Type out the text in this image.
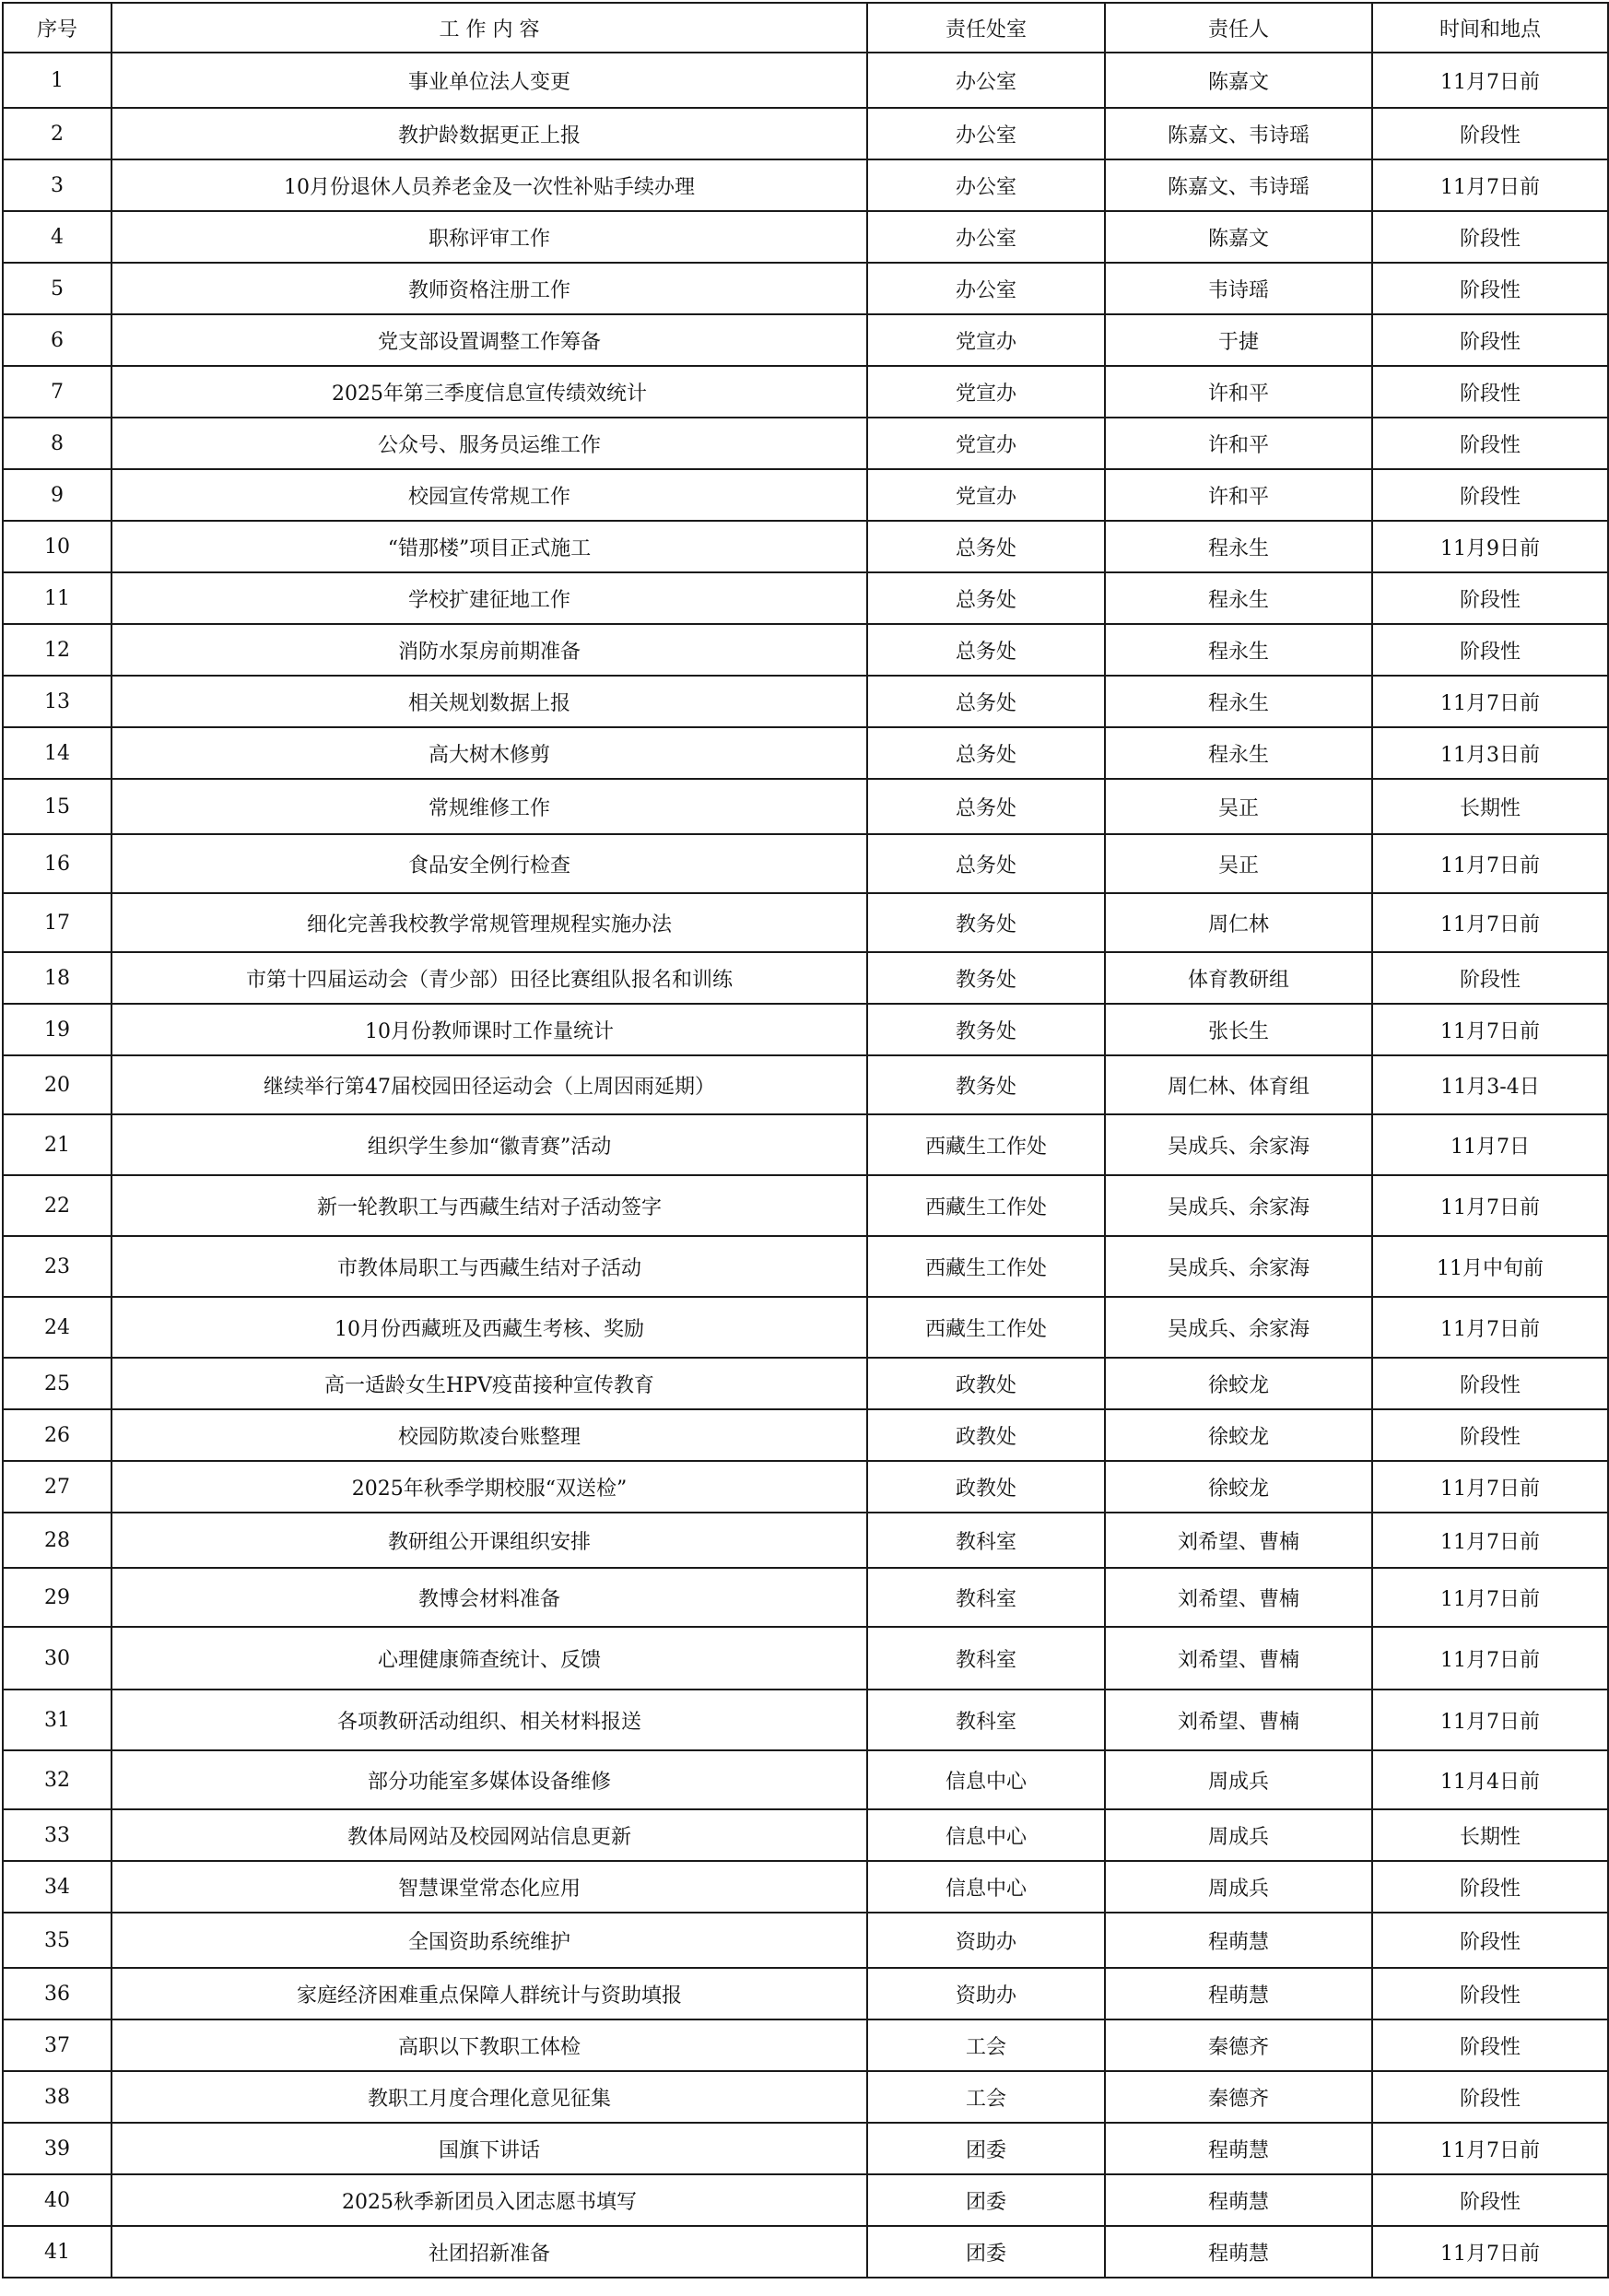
序号	工 作 内 容	责任处室	责任人	时间和地点
1	事业单位法人变更	办公室	陈嘉文	11月7日前
2	教护龄数据更正上报	办公室	陈嘉文、韦诗瑶	阶段性
3	10月份退休人员养老金及一次性补贴手续办理	办公室	陈嘉文、韦诗瑶	11月7日前
4	职称评审工作	办公室	陈嘉文	阶段性
5	教师资格注册工作	办公室	韦诗瑶	阶段性
6	党支部设置调整工作筹备	党宣办	于捷	阶段性
7	2025年第三季度信息宣传绩效统计	党宣办	许和平	阶段性
8	公众号、服务员运维工作	党宣办	许和平	阶段性
9	校园宣传常规工作	党宣办	许和平	阶段性
10	“错那楼”项目正式施工	总务处	程永生	11月9日前
11	学校扩建征地工作	总务处	程永生	阶段性
12	消防水泵房前期准备	总务处	程永生	阶段性
13	相关规划数据上报	总务处	程永生	11月7日前
14	高大树木修剪	总务处	程永生	11月3日前
15	常规维修工作	总务处	吴正	长期性
16	食品安全例行检查	总务处	吴正	11月7日前
17	细化完善我校教学常规管理规程实施办法	教务处	周仁林	11月7日前
18	市第十四届运动会（青少部）田径比赛组队报名和训练	教务处	体育教研组	阶段性
19	10月份教师课时工作量统计	教务处	张长生	11月7日前
20	继续举行第47届校园田径运动会（上周因雨延期）	教务处	周仁林、体育组	11月3-4日
21	组织学生参加“徽青赛”活动	西藏生工作处	吴成兵、余家海	11月7日
22	新一轮教职工与西藏生结对子活动签字	西藏生工作处	吴成兵、余家海	11月7日前
23	市教体局职工与西藏生结对子活动	西藏生工作处	吴成兵、余家海	11月中旬前
24	10月份西藏班及西藏生考核、奖励	西藏生工作处	吴成兵、余家海	11月7日前
25	高一适龄女生HPV疫苗接种宣传教育	政教处	徐蛟龙	阶段性
26	校园防欺凌台账整理	政教处	徐蛟龙	阶段性
27	2025年秋季学期校服“双送检”	政教处	徐蛟龙	11月7日前
28	教研组公开课组织安排	教科室	刘希望、曹楠	11月7日前
29	教博会材料准备	教科室	刘希望、曹楠	11月7日前
30	心理健康筛查统计、反馈	教科室	刘希望、曹楠	11月7日前
31	各项教研活动组织、相关材料报送	教科室	刘希望、曹楠	11月7日前
32	部分功能室多媒体设备维修	信息中心	周成兵	11月4日前
33	教体局网站及校园网站信息更新	信息中心	周成兵	长期性
34	智慧课堂常态化应用	信息中心	周成兵	阶段性
35	全国资助系统维护	资助办	程萌慧	阶段性
36	家庭经济困难重点保障人群统计与资助填报	资助办	程萌慧	阶段性
37	高职以下教职工体检	工会	秦德齐	阶段性
38	教职工月度合理化意见征集	工会	秦德齐	阶段性
39	国旗下讲话	团委	程萌慧	11月7日前
40	2025秋季新团员入团志愿书填写	团委	程萌慧	阶段性
41	社团招新准备	团委	程萌慧	11月7日前
